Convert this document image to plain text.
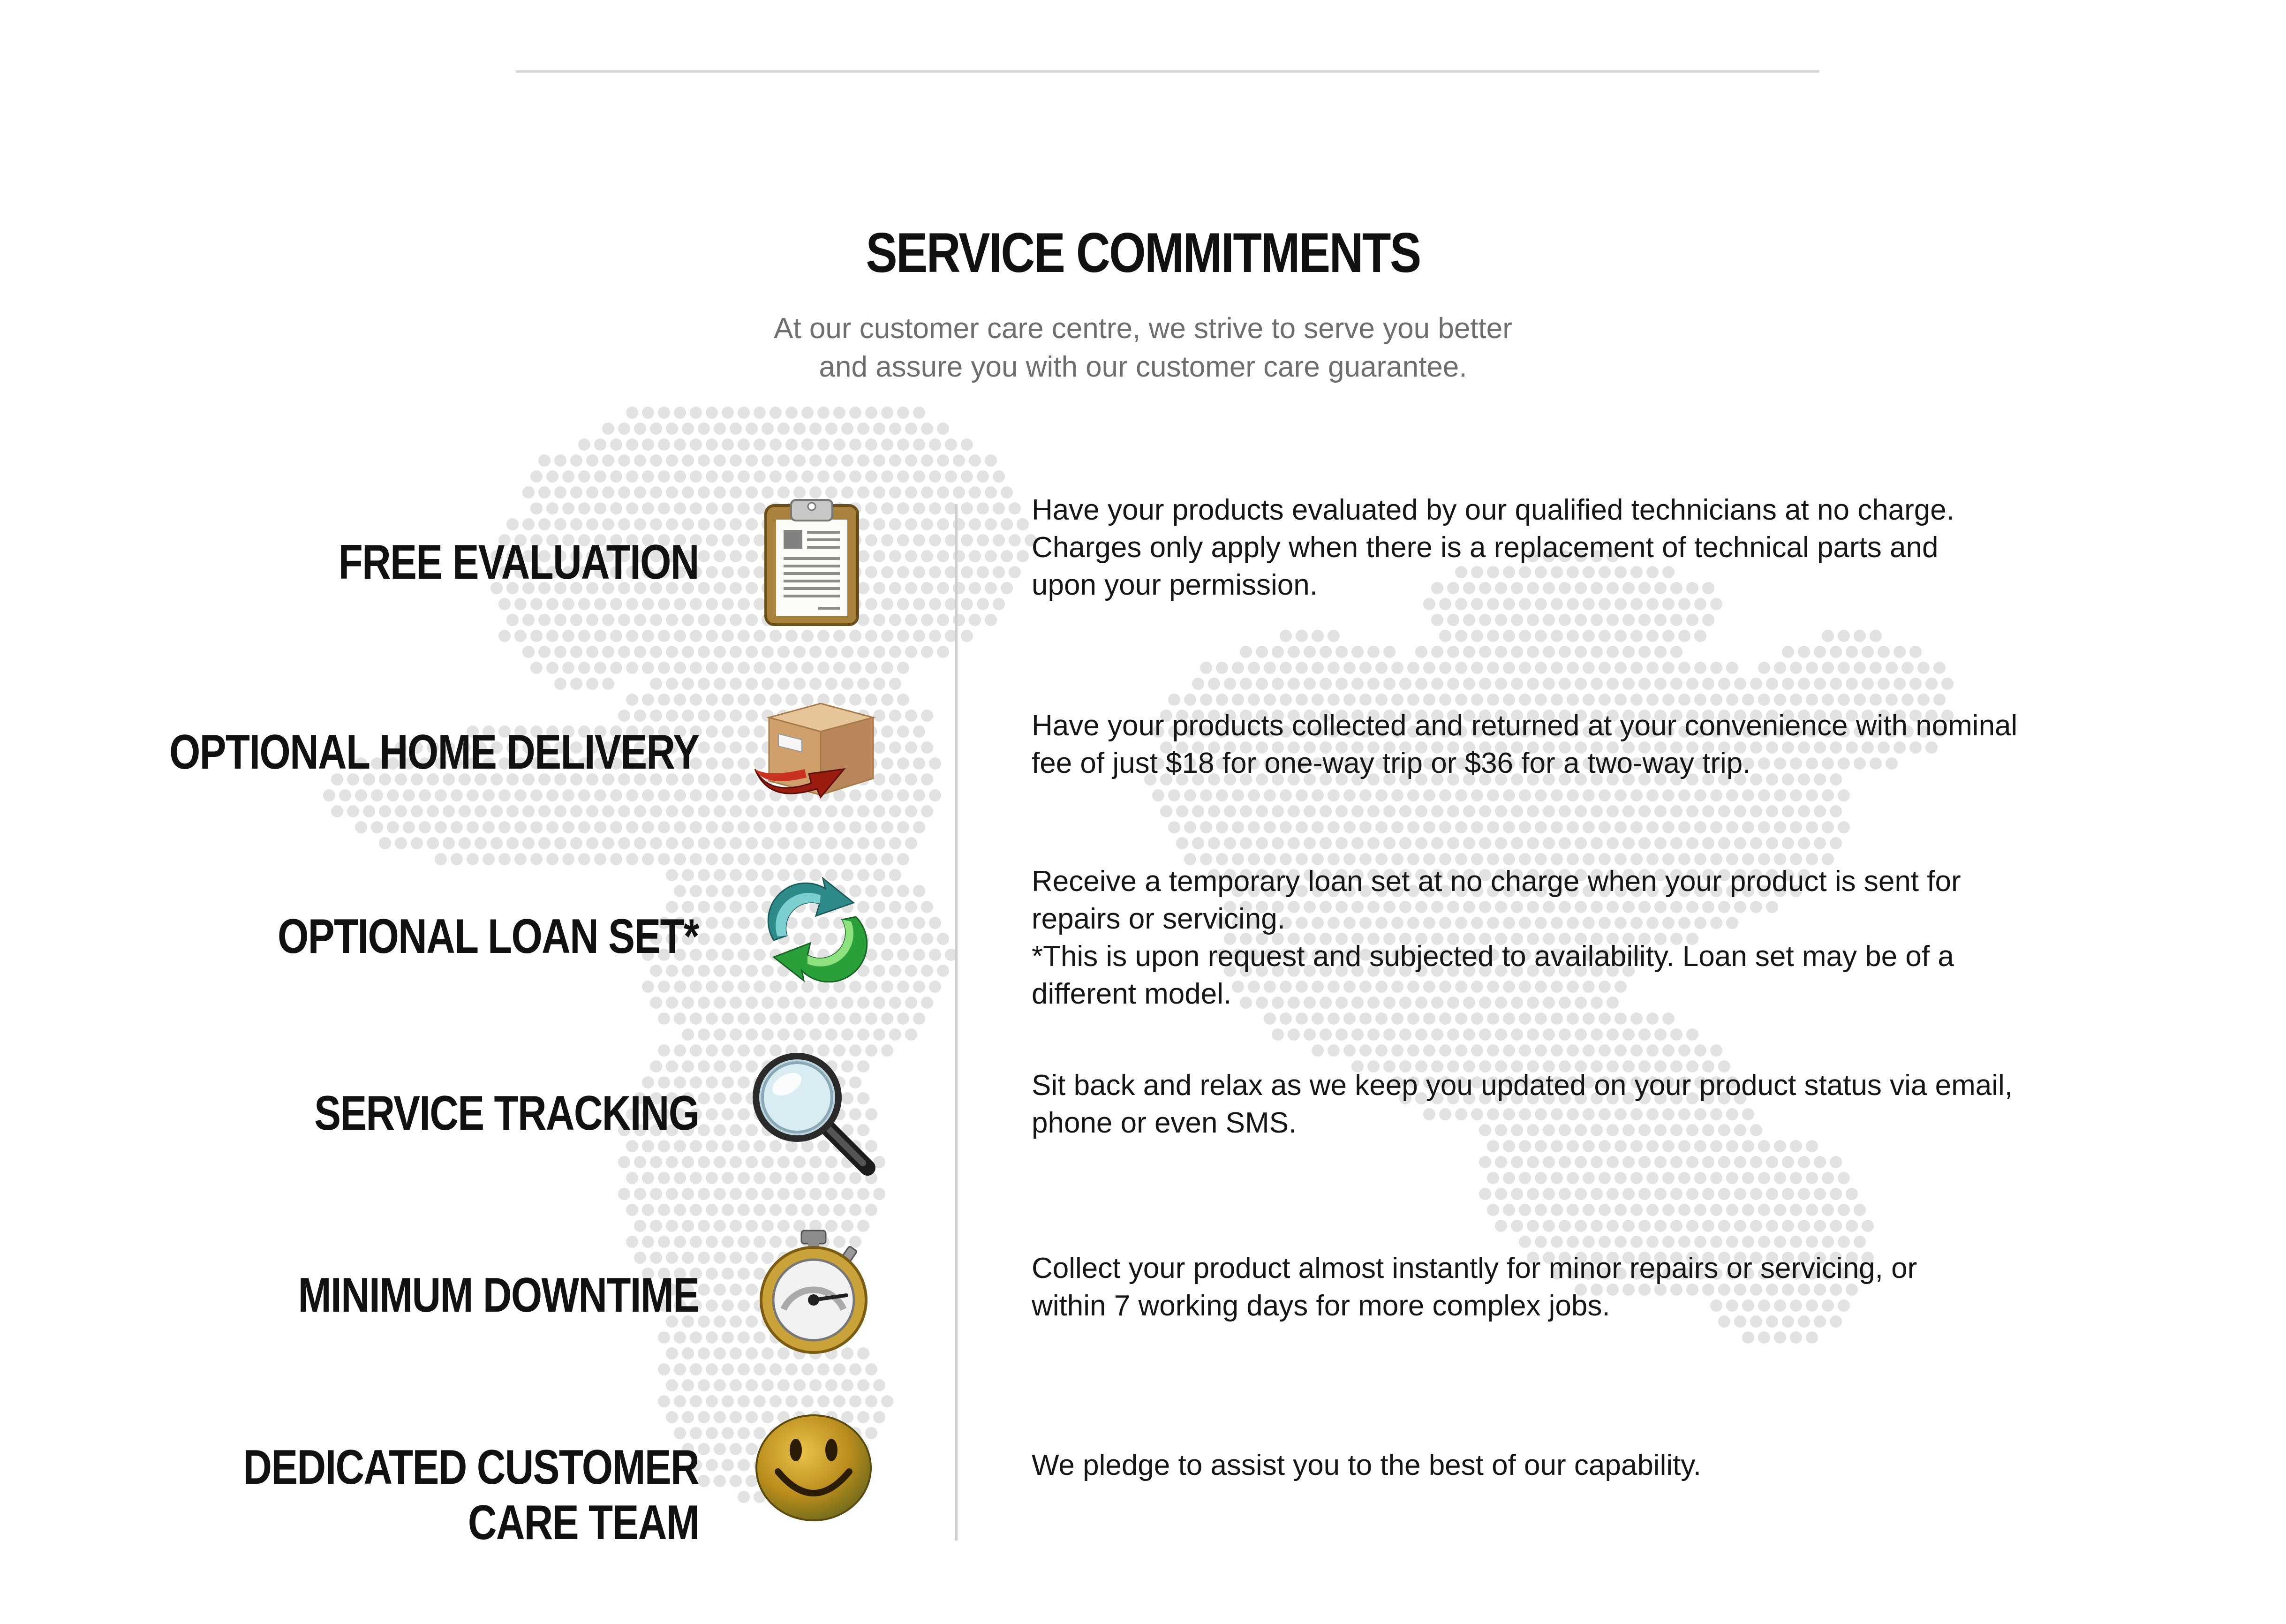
SERVICE COMMITMENTS
At our customer care centre, we strive to serve you better
and assure you with our customer care guarantee.
FREE EVALUATION
Have your products evaluated by our qualified technicians at no charge.
Charges only apply when there is a replacement of technical parts and
upon your permission.
OPTIONAL HOME DELIVERY	Have your products collected and returned at your convenience with nominal
fee of just $18 for one-way trip or $36 for a two-way trip.
OPTIONAL LOAN SET*
Receive a temporary loan set at no charge when your product is sent for
repairs or servicing.
*This is upon request and subjected to availability. Loan set may be of a
different model.
SERVICE TRACKING
Sit back and relax as we keep you updated on your product status via email,
phone or even SMS.
MINIMUM DOWNTIME	Collect your product almost instantly for minor repairs or servicing, or
within 7 working days for more complex jobs.
DEDICATED CUSTOMER
CARE TEAM
We pledge to assist you to the best of our capability.
